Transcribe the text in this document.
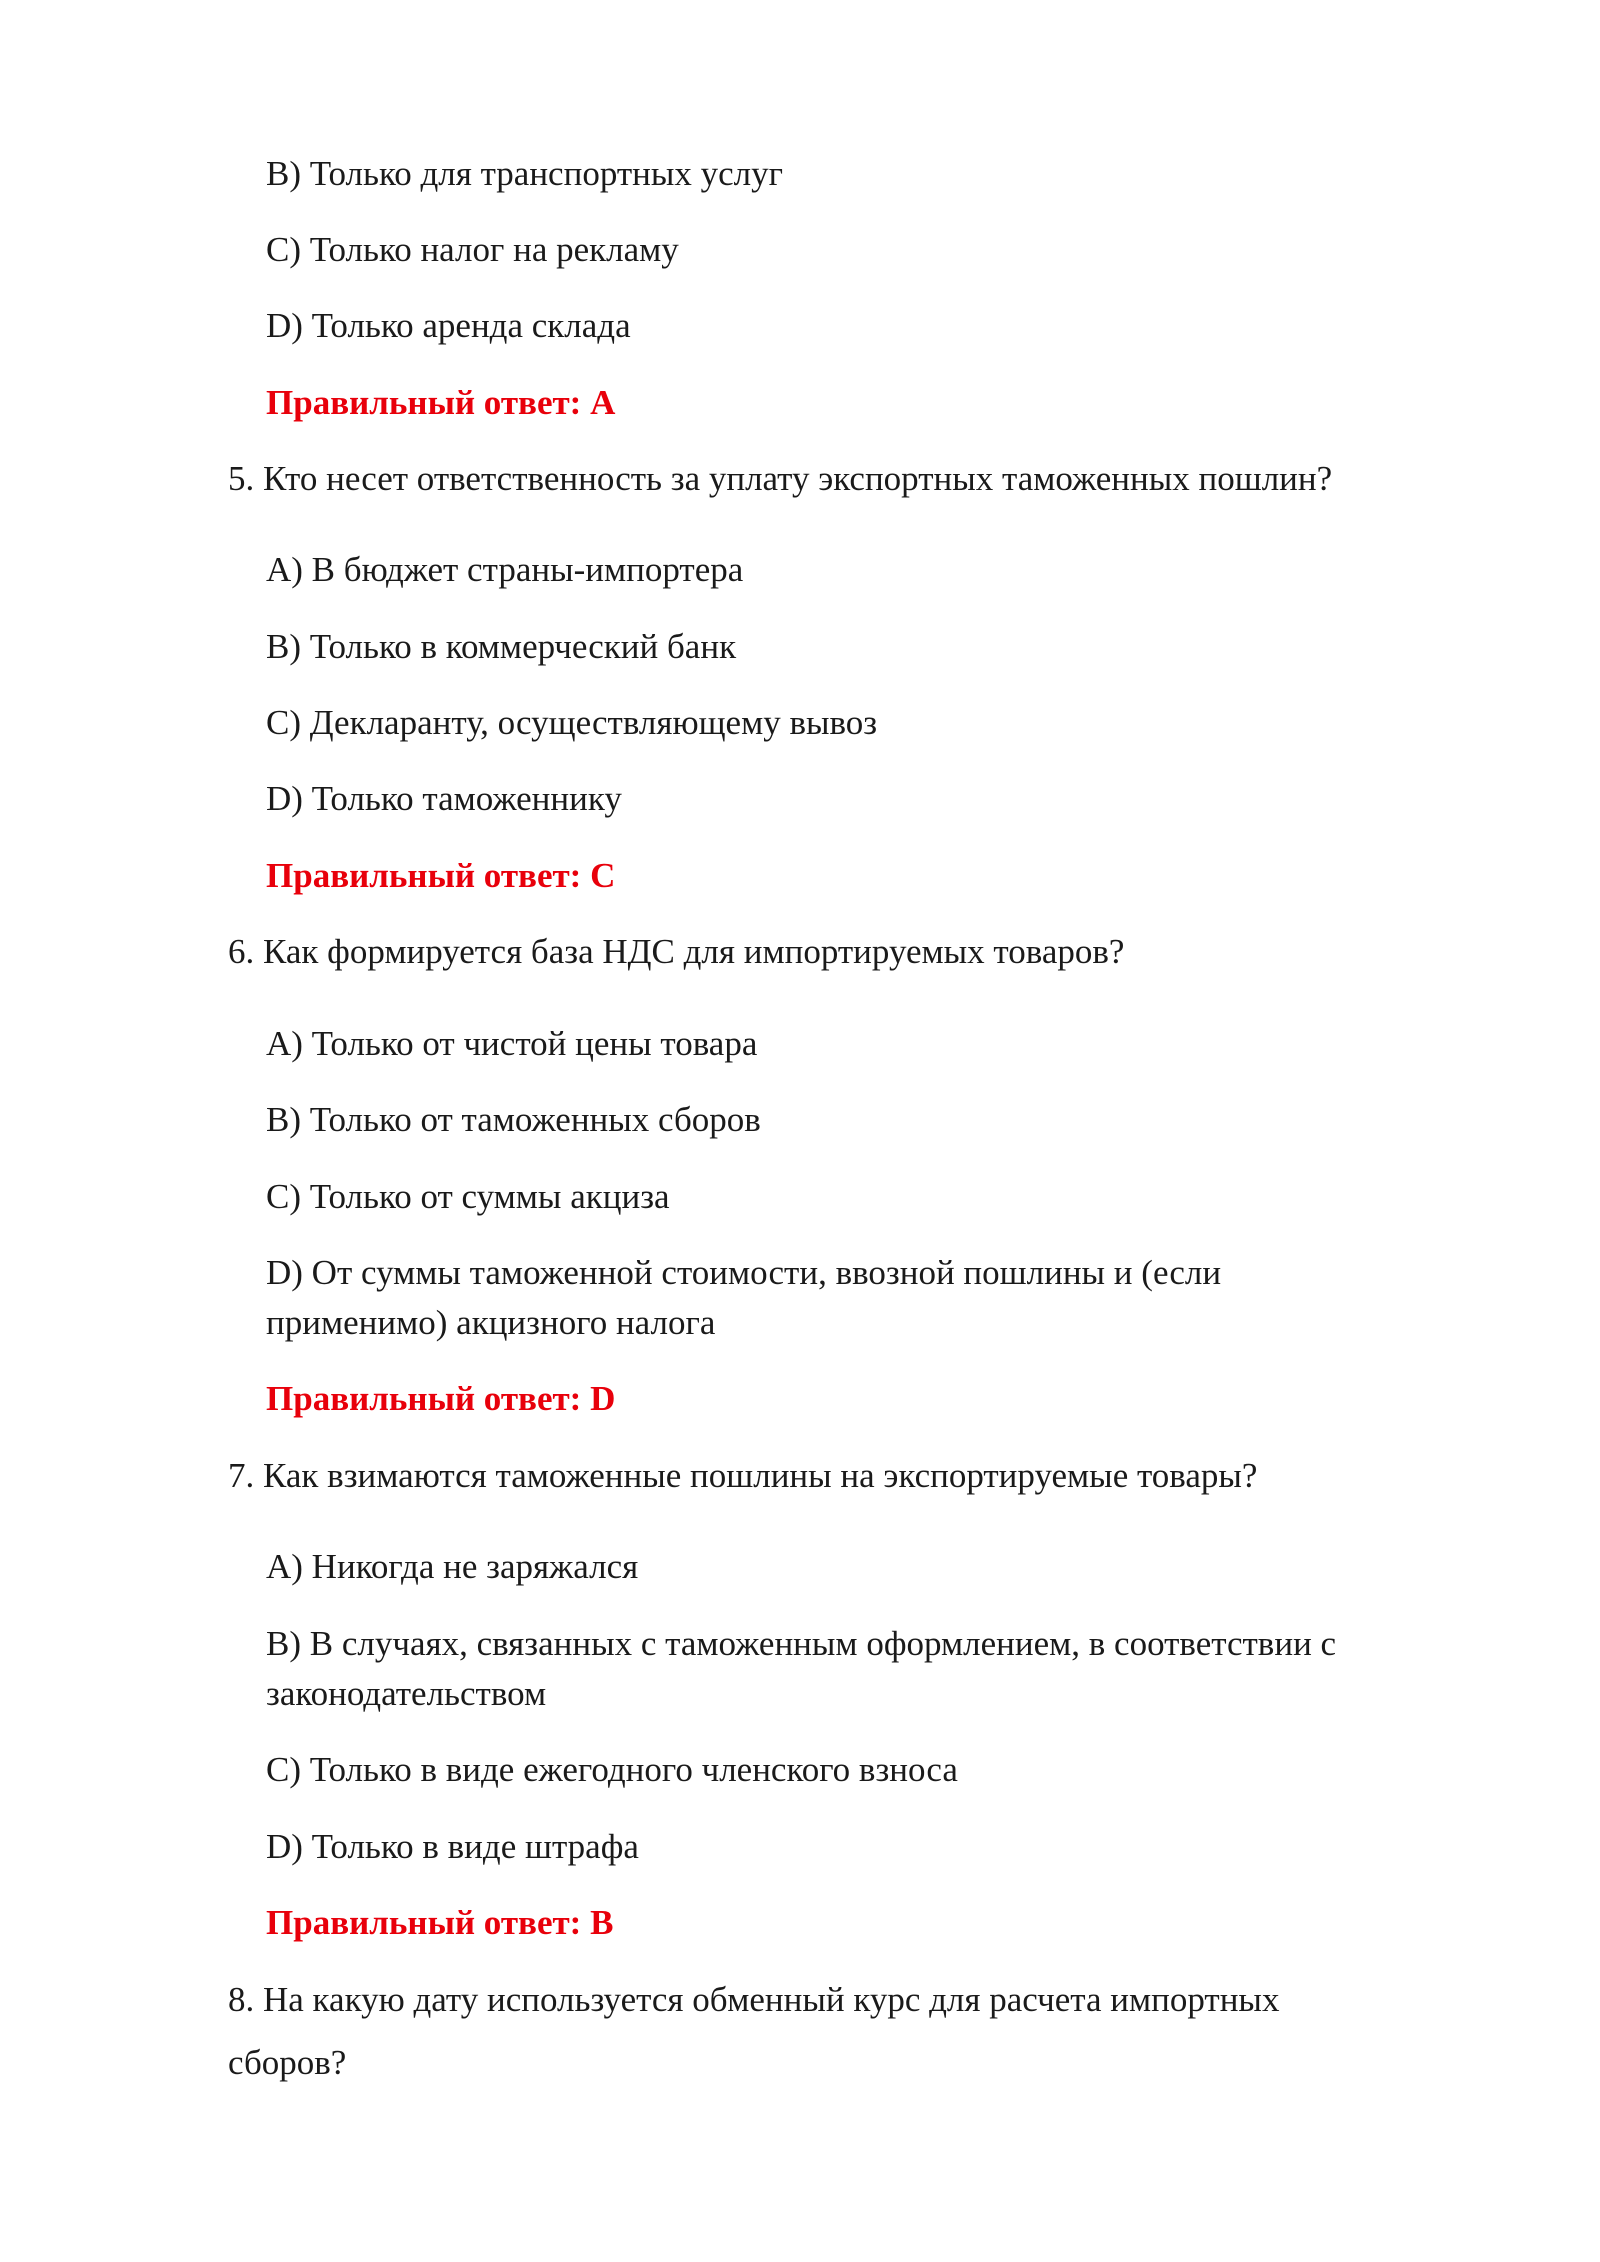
B) Только для транспортных услуг
C) Только налог на рекламу
D) Только аренда склада
Правильный ответ: A
5. Кто несет ответственность за уплату экспортных таможенных пошлин?
A) В бюджет страны-импортера
B) Только в коммерческий банк
C) Декларанту, осуществляющему вывоз
D) Только таможеннику
Правильный ответ: C
6. Как формируется база НДС для импортируемых товаров?
A) Только от чистой цены товара
B) Только от таможенных сборов
C) Только от суммы акциза
D) От суммы таможенной стоимости, ввозной пошлины и (если
применимо) акцизного налога
Правильный ответ: D
7. Как взимаются таможенные пошлины на экспортируемые товары?
A) Никогда не заряжался
B) В случаях, связанных с таможенным оформлением, в соответствии с
законодательством
C) Только в виде ежегодного членского взноса
D) Только в виде штрафа
Правильный ответ: B
8. На какую дату используется обменный курс для расчета импортных
сборов?
